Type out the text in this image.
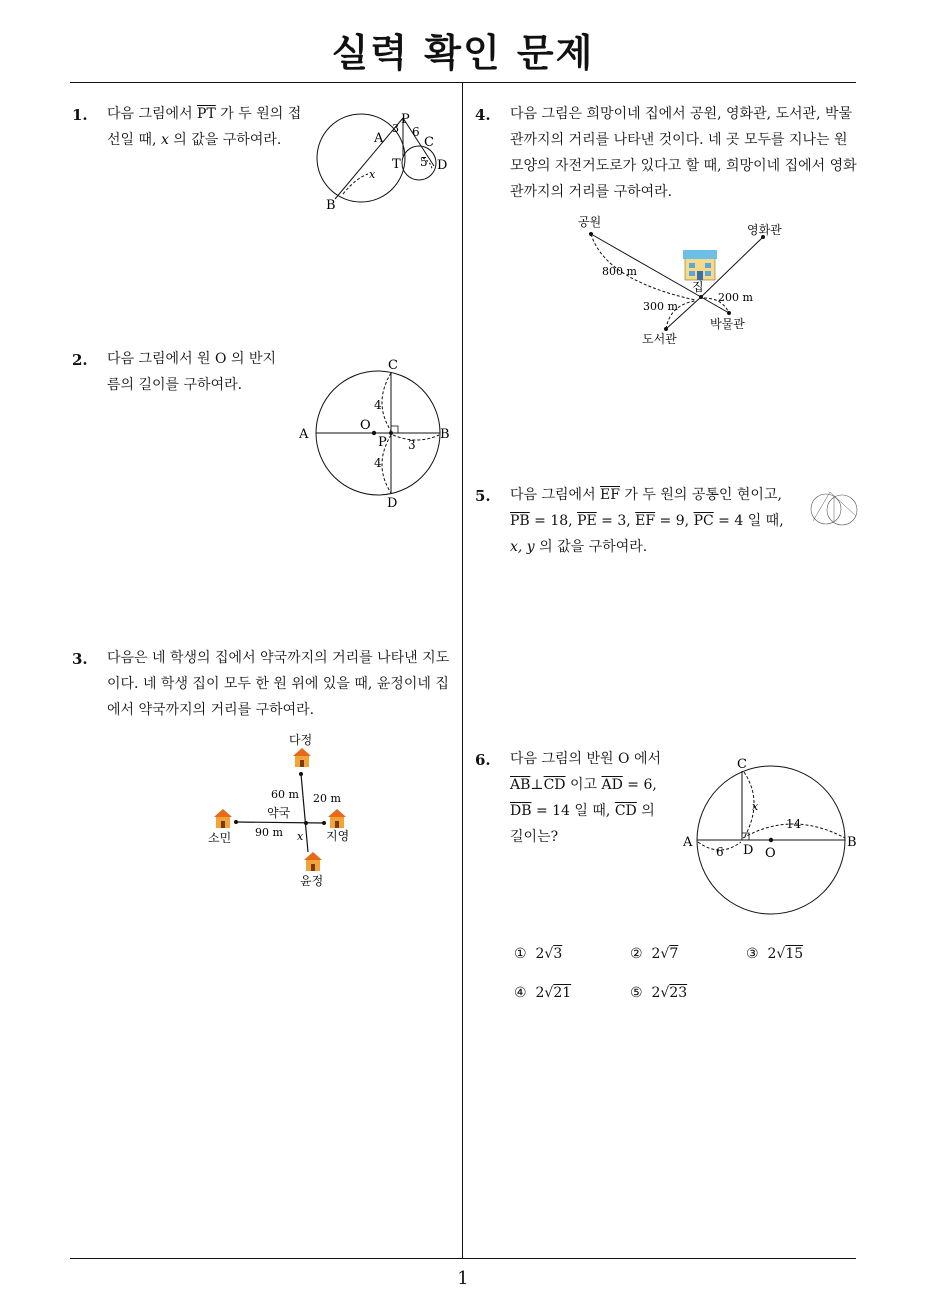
실력 확인 문제
1
1. 다음 그림에서 $\overline{PT}$ 가 두 원의 접선일 때, x 의 값을 구하여라.
P
A
3 6
C
T 5 D
x
B
2. 다음 그림에서 원 O 의 반지름의 길이를 구하여라.
C
A
O
P
B
D
4
4
3
3. 다음은 네 학생의 집에서 약국까지의 거리를 나타낸 지도이다. 네 학생 집이 모두 한 원 위에 있을 때, 윤정이네 집에서 약국까지의 거리를 구하여라.
다정
소민	지영
윤정
약국
60 m 20 m
90 m x
4. 다음 그림은 희망이네 집에서 공원, 영화관, 도서관, 박물관까지의 거리를 나타낸 것이다. 네 곳 모두를 지나는 원 모양의 자전거도로가 있다고 할 때, 희망이네 집에서 영화관까지의 거리를 구하여라.
공원
영화관
집
도서관
박물관
800 m
200 m
300 m
5. 다음 그림에서 $\overline{EF}$ 가 두 원의 공통인 현이고, $\overline{PB} = 18$, $\overline{PE} = 3$, $\overline{EF} = 9$, $\overline{PC} = 4$ 일 때, x, y 의 값을 구하여라.
6. 다음 그림의 반원 O 에서 $\overline{AB}\perp\overline{CD}$ 이고 $\overline{AD} = 6$, $\overline{DB} = 14$ 일 때, $\overline{CD}$ 의 길이는?
C
A	B
D O
x
6
14
① 2√3	② 2√7	③ 2√15
④ 2√21	⑤ 2√23
